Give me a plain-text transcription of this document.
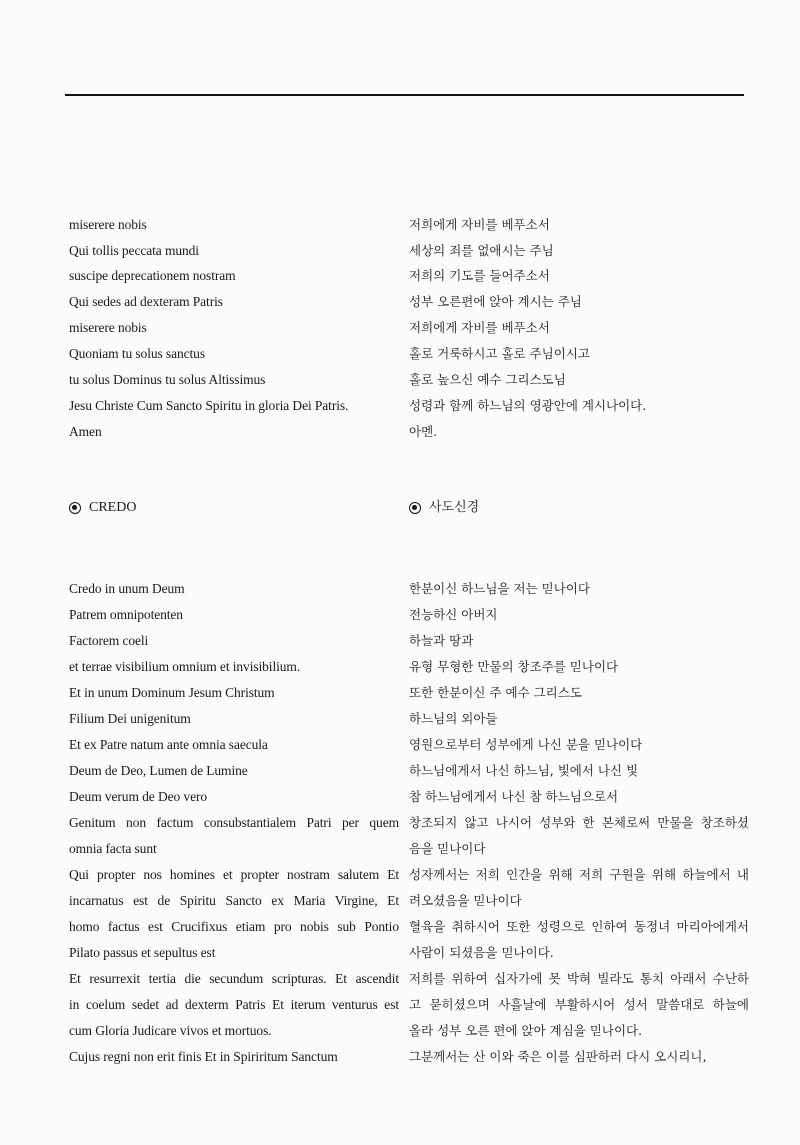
miserere nobis
Qui tollis peccata mundi
suscipe deprecationem nostram
Qui sedes ad dexteram Patris
miserere nobis
Quoniam tu solus sanctus
tu solus Dominus tu solus Altissimus
Jesu Christe Cum Sancto Spiritu in gloria Dei Patris.
Amen
저희에게 자비를 베푸소서
세상의 죄를 없애시는 주님
저희의 기도를 들어주소서
성부 오른편에 앉아 계시는 주님
저희에게 자비를 베푸소서
홀로 거룩하시고 홀로 주님이시고
홀로 높으신 예수 그리스도님
성령과 함께 하느님의 영광안에 계시나이다.
아멘.
CREDO	사도신경
Credo in unum Deum
Patrem omnipotenten
Factorem coeli
et terrae visibilium omnium et invisibilium.
Et in unum Dominum Jesum Christum
Filium Dei unigenitum
Et ex Patre natum ante omnia saecula
Deum de Deo, Lumen de Lumine
Deum verum de Deo vero
Genitum non factum consubstantialem Patri per quem
omnia facta sunt
Qui propter nos homines et propter nostram salutem Et
incarnatus est de Spiritu Sancto ex Maria Virgine, Et
homo factus est Crucifixus etiam pro nobis sub Pontio
Pilato passus et sepultus est
Et resurrexit tertia die secundum scripturas. Et ascendit
in coelum sedet ad dexterm Patris Et iterum venturus est
cum Gloria Judicare vivos et mortuos.
Cujus regni non erit finis Et in Spiriritum Sanctum
한분이신 하느님을 저는 믿나이다
전능하신 아버지
하늘과 땅과
유형 무형한 만물의 창조주를 믿나이다
또한 한분이신 주 예수 그리스도
하느님의 외아들
영원으로부터 성부에게 나신 분을 믿나이다
하느님에게서 나신 하느님, 빛에서 나신 빛
참 하느님에게서 나신 참 하느님으로서
창조되지 않고 나시어 성부와 한 본체로써 만물을 창조하셨
음을 믿나이다
성자께서는 저희 인간을 위해 저희 구원을 위해 하늘에서 내
려오셨음을 믿나이다
혈육을 취하시어 또한 성령으로 인하여 동정녀 마리아에게서
사람이 되셨음을 믿나이다.
저희를 위하여 십자가에 못 박혀 빌라도 통치 아래서 수난하
고 묻히셨으며 사흘날에 부활하시어 성서 말씀대로 하늘에
올라 성부 오른 편에 앉아 계심을 믿나이다.
그분께서는 산 이와 죽은 이를 심판하러 다시 오시리니,
